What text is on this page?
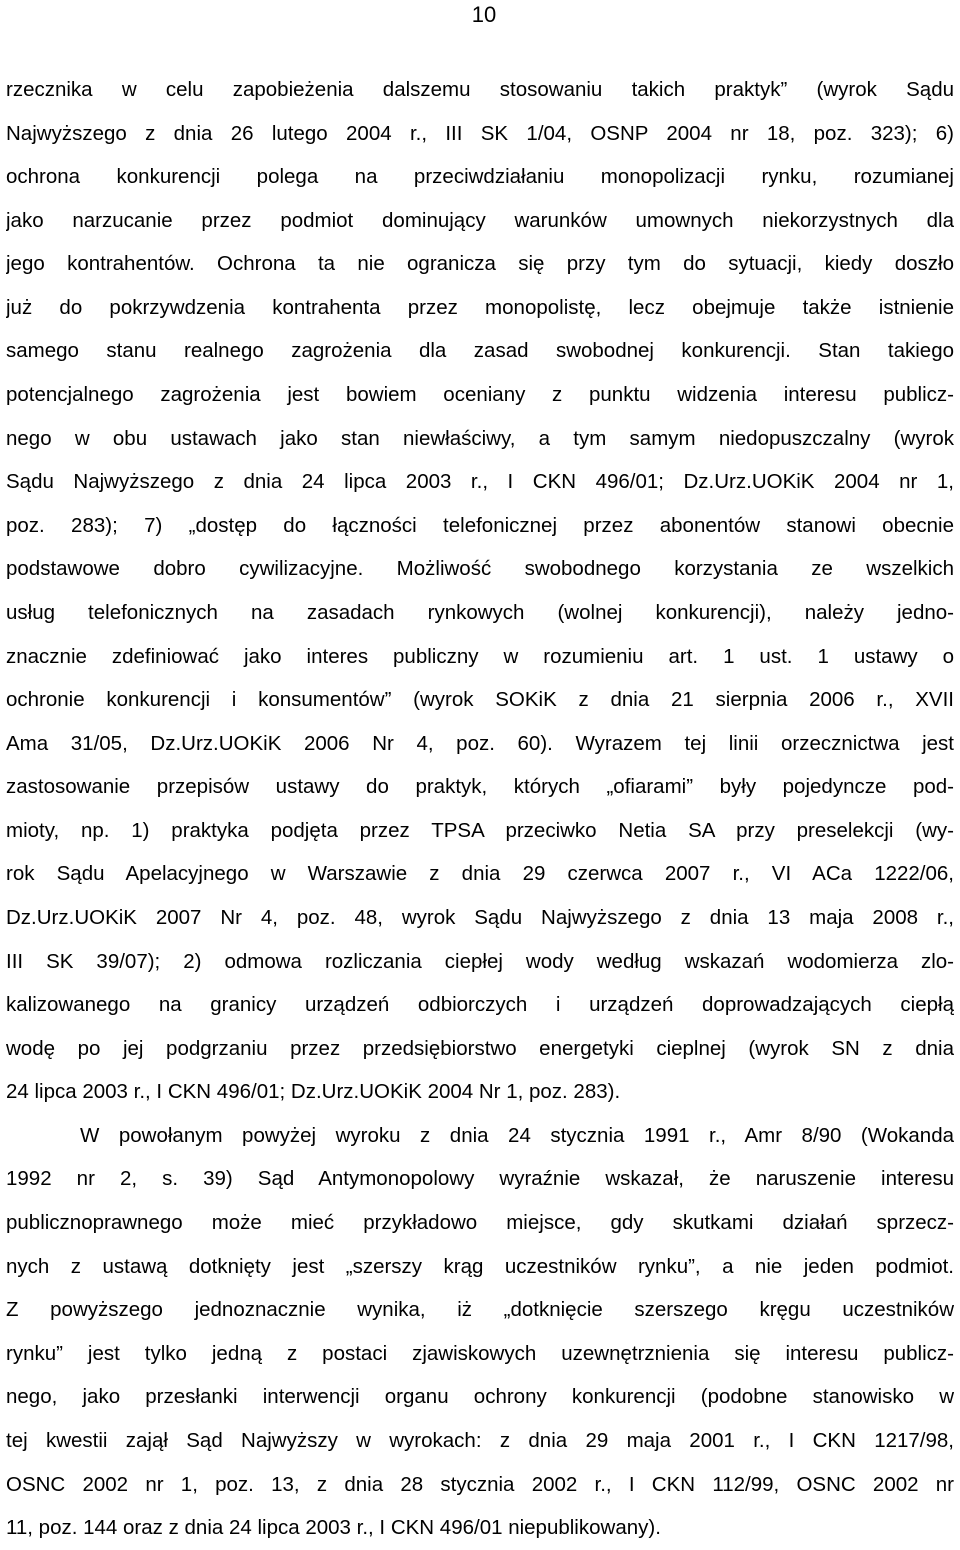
10
rzecznika w celu zapobieżenia dalszemu stosowaniu takich praktyk” (wyrok Sądu
Najwyższego z dnia 26 lutego 2004 r., III SK 1/04, OSNP 2004 nr 18, poz. 323); 6)
ochrona konkurencji polega na przeciwdziałaniu monopolizacji rynku, rozumianej
jako narzucanie przez podmiot dominujący warunków umownych niekorzystnych dla
jego kontrahentów. Ochrona ta nie ogranicza się przy tym do sytuacji, kiedy doszło
już do pokrzywdzenia kontrahenta przez monopolistę, lecz obejmuje także istnienie
samego stanu realnego zagrożenia dla zasad swobodnej konkurencji. Stan takiego
potencjalnego zagrożenia jest bowiem oceniany z punktu widzenia interesu publicz-
nego w obu ustawach jako stan niewłaściwy, a tym samym niedopuszczalny (wyrok
Sądu Najwyższego z dnia 24 lipca 2003 r., I CKN 496/01; Dz.Urz.UOKiK 2004 nr 1,
poz. 283); 7) „dostęp do łączności telefonicznej przez abonentów stanowi obecnie
podstawowe dobro cywilizacyjne. Możliwość swobodnego korzystania ze wszelkich
usług telefonicznych na zasadach rynkowych (wolnej konkurencji), należy jedno-
znacznie zdefiniować jako interes publiczny w rozumieniu art. 1 ust. 1 ustawy o
ochronie konkurencji i konsumentów” (wyrok SOKiK z dnia 21 sierpnia 2006 r., XVII
Ama 31/05, Dz.Urz.UOKiK 2006 Nr 4, poz. 60). Wyrazem tej linii orzecznictwa jest
zastosowanie przepisów ustawy do praktyk, których „ofiarami” były pojedyncze pod-
mioty, np. 1) praktyka podjęta przez TPSA przeciwko Netia SA przy preselekcji (wy-
rok Sądu Apelacyjnego w Warszawie z dnia 29 czerwca 2007 r., VI ACa 1222/06,
Dz.Urz.UOKiK 2007 Nr 4, poz. 48, wyrok Sądu Najwyższego z dnia 13 maja 2008 r.,
III SK 39/07); 2) odmowa rozliczania ciepłej wody według wskazań wodomierza zlo-
kalizowanego na granicy urządzeń odbiorczych i urządzeń doprowadzających ciepłą
wodę po jej podgrzaniu przez przedsiębiorstwo energetyki cieplnej (wyrok SN z dnia
24 lipca 2003 r., I CKN 496/01; Dz.Urz.UOKiK 2004 Nr 1, poz. 283).
W powołanym powyżej wyroku z dnia 24 stycznia 1991 r., Amr 8/90 (Wokanda
1992 nr 2, s. 39) Sąd Antymonopolowy wyraźnie wskazał, że naruszenie interesu
publicznoprawnego może mieć przykładowo miejsce, gdy skutkami działań sprzecz-
nych z ustawą dotknięty jest „szerszy krąg uczestników rynku”, a nie jeden podmiot.
Z powyższego jednoznacznie wynika, iż „dotknięcie szerszego kręgu uczestników
rynku” jest tylko jedną z postaci zjawiskowych uzewnętrznienia się interesu publicz-
nego, jako przesłanki interwencji organu ochrony konkurencji (podobne stanowisko w
tej kwestii zajął Sąd Najwyższy w wyrokach: z dnia 29 maja 2001 r., I CKN 1217/98,
OSNC 2002 nr 1, poz. 13, z dnia 28 stycznia 2002 r., I CKN 112/99, OSNC 2002 nr
11, poz. 144 oraz z dnia 24 lipca 2003 r., I CKN 496/01 niepublikowany).
